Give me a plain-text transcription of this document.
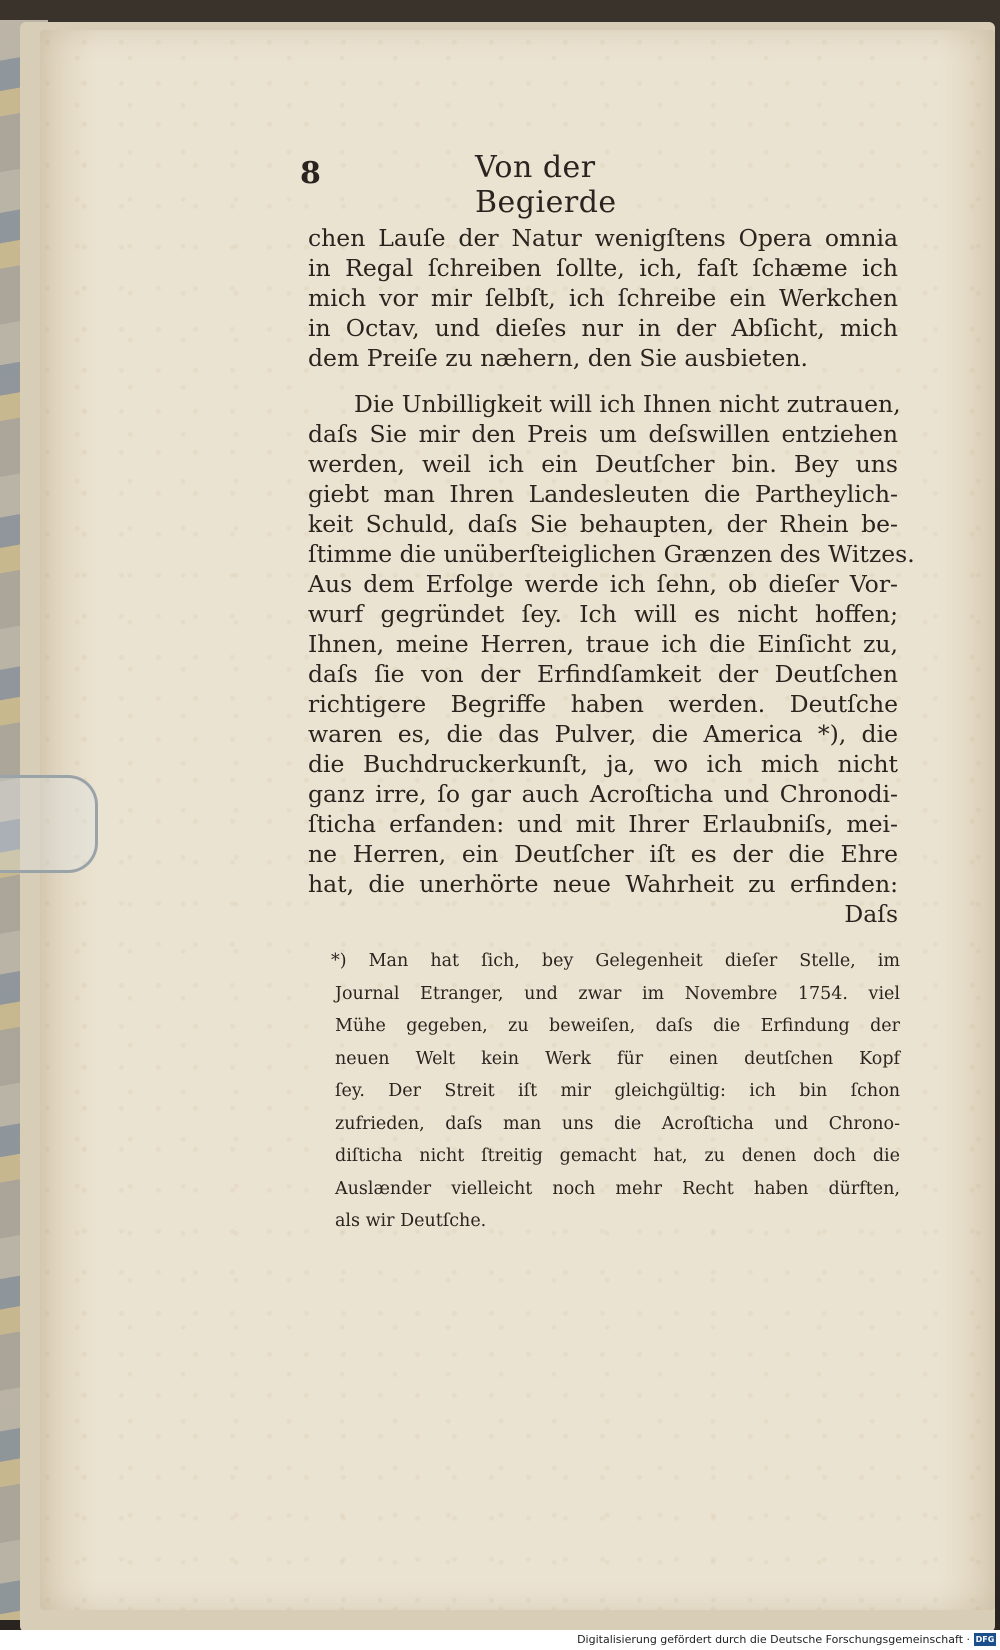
8	Von der Begierde
chen Lauſe der Natur wenigſtens Opera omnia
in Regal ſchreiben ſollte, ich, faſt ſchæme ich
mich vor mir ſelbſt, ich ſchreibe ein Werkchen
in Octav, und dieſes nur in der Abſicht, mich
dem Preiſe zu næhern, den Sie ausbieten.
Die Unbilligkeit will ich Ihnen nicht zutrauen,
daſs Sie mir den Preis um deſswillen entziehen
werden, weil ich ein Deutſcher bin. Bey uns
giebt man Ihren Landesleuten die Partheylich-
keit Schuld, daſs Sie behaupten, der Rhein be-
ſtimme die unüberſteiglichen Grænzen des Witzes.
Aus dem Erfolge werde ich ſehn, ob dieſer Vor-
wurf gegründet ſey. Ich will es nicht hoffen;
Ihnen, meine Herren, traue ich die Einſicht zu,
daſs ſie von der Erfindſamkeit der Deutſchen
richtigere Begriffe haben werden. Deutſche
waren es, die das Pulver, die America *), die
die Buchdruckerkunſt, ja, wo ich mich nicht
ganz irre, ſo gar auch Acroſticha und Chronodi-
ſticha erfanden: und mit Ihrer Erlaubniſs, mei-
ne Herren, ein Deutſcher iſt es der die Ehre
hat, die unerhörte neue Wahrheit zu erfinden:
Daſs
*) Man hat ſich, bey Gelegenheit dieſer Stelle, im
Journal Etranger, und zwar im Novembre 1754. viel
Mühe gegeben, zu beweiſen, daſs die Erfindung der
neuen Welt kein Werk für einen deutſchen Kopf
ſey. Der Streit iſt mir gleichgültig: ich bin ſchon
zufrieden, daſs man uns die Acroſticha und Chrono-
diſticha nicht ſtreitig gemacht hat, zu denen doch die
Auslænder vielleicht noch mehr Recht haben dürften,
als wir Deutſche.
Digitalisierung gefördert durch die Deutsche Forschungsgemeinschaft · DFG
